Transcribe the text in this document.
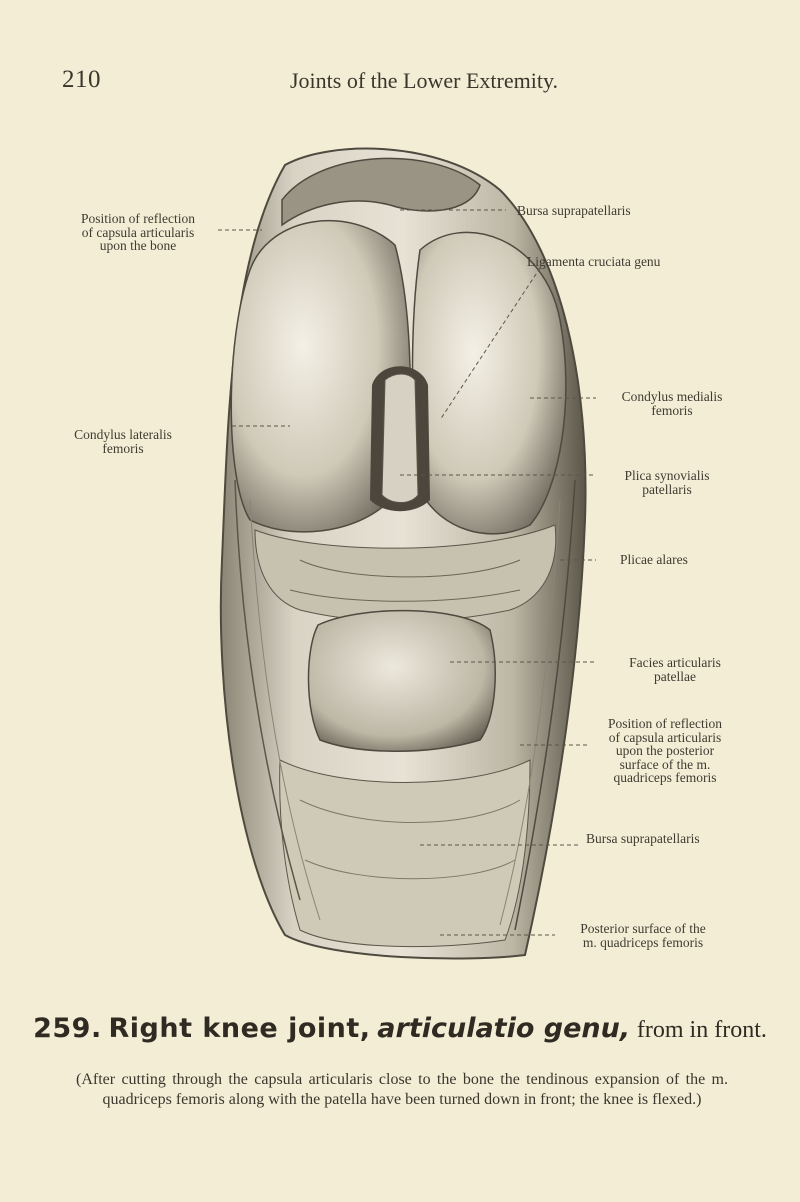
210	Joints of the Lower Extremity.
Position of reflection
of capsula articularis
upon the bone
Bursa suprapatellaris
Ligamenta cruciata genu
Condylus medialis
femoris
Condylus lateralis
femoris
Plica synovialis
patellaris
Plicae alares
Facies articularis
patellae
Position of reflection
of capsula articularis
upon the posterior
surface of the m.
quadriceps femoris
Bursa suprapatellaris
Posterior surface of the
m. quadriceps femoris
259. Right knee joint, articulatio genu, from in front.
(After cutting through the capsula articularis close to the bone the tendinous expansion of the m. quadriceps femoris along with the patella have been turned down in front; the knee is flexed.)
